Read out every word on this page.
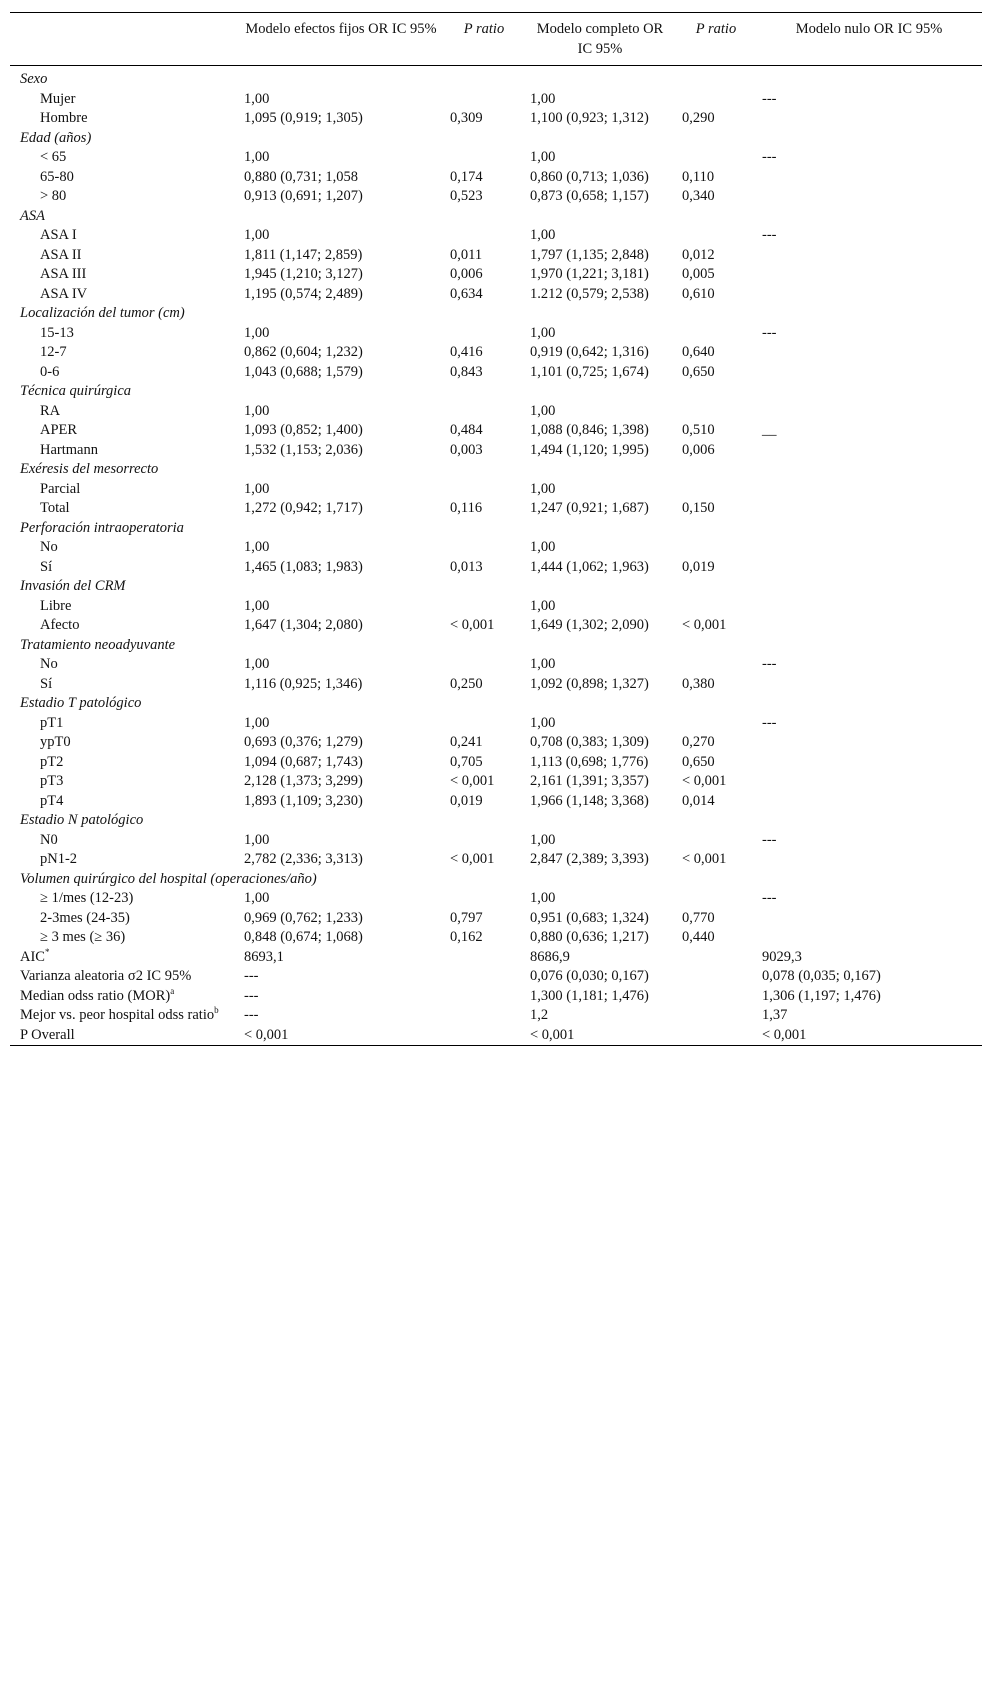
	Modelo efectos fijos OR IC 95%	P ratio	Modelo completo OR IC 95%	P ratio	Modelo nulo OR IC 95%
Sexo					
Mujer	1,00		1,00		---
Hombre	1,095 (0,919; 1,305)	0,309	1,100 (0,923; 1,312)	0,290	
Edad (años)					
< 65	1,00		1,00		---
65-80	0,880 (0,731; 1,058	0,174	0,860 (0,713; 1,036)	0,110	
> 80	0,913 (0,691; 1,207)	0,523	0,873 (0,658; 1,157)	0,340	
ASA					
ASA I	1,00		1,00		---
ASA II	1,811 (1,147; 2,859)	0,011	1,797 (1,135; 2,848)	0,012	
ASA III	1,945 (1,210; 3,127)	0,006	1,970 (1,221; 3,181)	0,005	
ASA IV	1,195 (0,574; 2,489)	0,634	1.212 (0,579; 2,538)	0,610	
Localización del tumor (cm)					
15-13	1,00		1,00		---
12-7	0,862 (0,604; 1,232)	0,416	0,919 (0,642; 1,316)	0,640	
0-6	1,043 (0,688; 1,579)	0,843	1,101 (0,725; 1,674)	0,650	
Técnica quirúrgica					
RA	1,00		1,00		
APER	1,093 (0,852; 1,400)	0,484	1,088 (0,846; 1,398)	0,510	__
Hartmann	1,532 (1,153; 2,036)	0,003	1,494 (1,120; 1,995)	0,006	
Exéresis del mesorrecto					
Parcial	1,00		1,00		
Total	1,272 (0,942; 1,717)	0,116	1,247 (0,921; 1,687)	0,150	
Perforación intraoperatoria					
No	1,00		1,00		
Sí	1,465 (1,083; 1,983)	0,013	1,444 (1,062; 1,963)	0,019	
Invasión del CRM					
Libre	1,00		1,00		
Afecto	1,647 (1,304; 2,080)	< 0,001	1,649 (1,302; 2,090)	< 0,001	
Tratamiento neoadyuvante					
No	1,00		1,00		---
Sí	1,116 (0,925; 1,346)	0,250	1,092 (0,898; 1,327)	0,380	
Estadio T patológico					
pT1	1,00		1,00		---
ypT0	0,693 (0,376; 1,279)	0,241	0,708 (0,383; 1,309)	0,270	
pT2	1,094 (0,687; 1,743)	0,705	1,113 (0,698; 1,776)	0,650	
pT3	2,128 (1,373; 3,299)	< 0,001	2,161 (1,391; 3,357)	< 0,001	
pT4	1,893 (1,109; 3,230)	0,019	1,966 (1,148; 3,368)	0,014	
Estadio N patológico					
N0	1,00		1,00		---
pN1-2	2,782 (2,336; 3,313)	< 0,001	2,847 (2,389; 3,393)	< 0,001	
Volumen quirúrgico del hospital (operaciones/año)					
≥ 1/mes (12-23)	1,00		1,00		---
2-3mes (24-35)	0,969 (0,762; 1,233)	0,797	0,951 (0,683; 1,324)	0,770	
≥ 3 mes (≥ 36)	0,848 (0,674; 1,068)	0,162	0,880 (0,636; 1,217)	0,440	
AIC*	8693,1		8686,9		9029,3
Varianza aleatoria σ2 IC 95%	---		0,076 (0,030; 0,167)		0,078 (0,035; 0,167)
Median odss ratio (MOR)$^a$	---		1,300 (1,181; 1,476)		1,306 (1,197; 1,476)
Mejor vs. peor hospital odss ratio$^b$	---		1,2		1,37
P Overall	< 0,001		< 0,001		< 0,001
